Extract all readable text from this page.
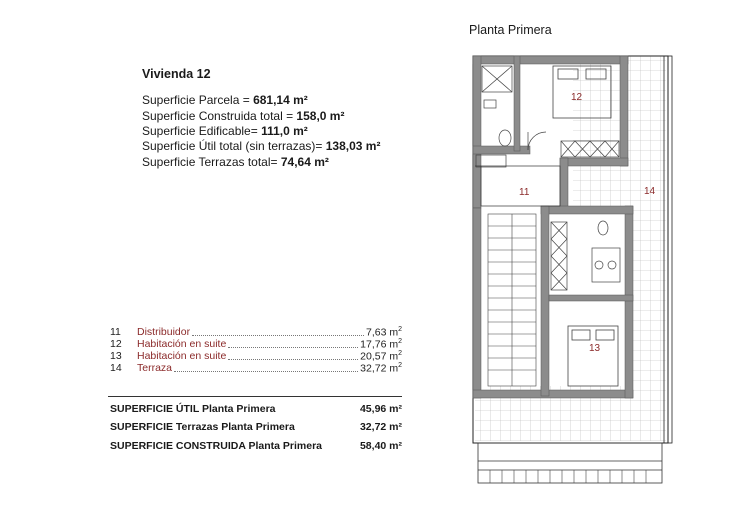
Vivienda 12
Superficie Parcela = 681,14 m²
Superficie Construida total = 158,0 m²
Superficie Edificable= 111,0 m²
Superficie Útil total (sin terrazas)= 138,03 m²
Superficie Terrazas total= 74,64 m²
11	Distribuidor	7,63 $m^2$
12	Habitación en suite	17,76 $m^2$
13	Habitación en suite	20,57 $m^2$
14	Terraza	32,72 $m^2$
SUPERFICIE ÚTIL Planta Primera	45,96 m²
SUPERFICIE Terrazas Planta Primera	32,72 m²
SUPERFICIE CONSTRUIDA Planta Primera	58,40 m²
Planta Primera
11
12
13
14
